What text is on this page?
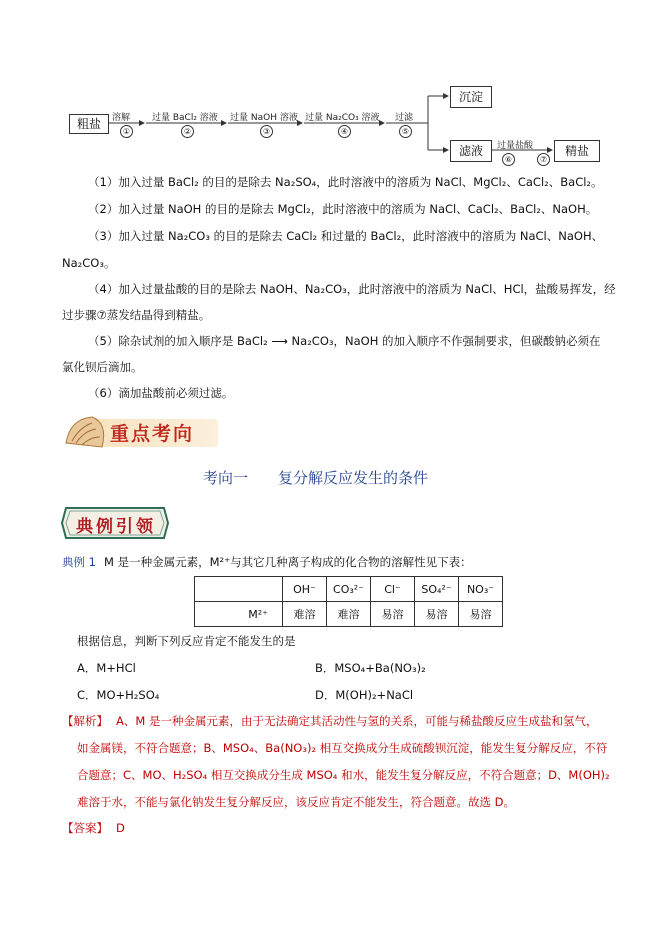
粗盐	溶解
①
过量 BaCl₂ 溶液
②
过量 NaOH 溶液
③
过量 Na₂CO₃ 溶液
④
过滤
⑤
沉淀
滤液	过量盐酸
⑥	⑦
精盐
（1）加入过量 BaCl₂ 的目的是除去 Na₂SO₄，此时溶液中的溶质为 NaCl、MgCl₂、CaCl₂、BaCl₂。
（2）加入过量 NaOH 的目的是除去 MgCl₂，此时溶液中的溶质为 NaCl、CaCl₂、BaCl₂、NaOH。
（3）加入过量 Na₂CO₃ 的目的是除去 CaCl₂ 和过量的 BaCl₂，此时溶液中的溶质为 NaCl、NaOH、
Na₂CO₃。
（4）加入过量盐酸的目的是除去 NaOH、Na₂CO₃，此时溶液中的溶质为 NaCl、HCl，盐酸易挥发，经
过步骤⑦蒸发结晶得到精盐。
（5）除杂试剂的加入顺序是 BaCl₂ ⟶ Na₂CO₃，NaOH 的加入顺序不作强制要求，但碳酸钠必须在
氯化钡后滴加。
（6）滴加盐酸前必须过滤。
重点考向
考向一　　复分解反应发生的条件
典例引领
典例 1 M 是一种金属元素，M²⁺与其它几种离子构成的化合物的溶解性见下表：
	OH⁻	CO₃²⁻	Cl⁻	SO₄²⁻	NO₃⁻
M²⁺	难溶	难溶	易溶	易溶	易溶
根据信息，判断下列反应肯定不能发生的是
A．M+HCl	B．MSO₄+Ba(NO₃)₂
C．MO+H₂SO₄	D．M(OH)₂+NaCl
【解析】 A、M 是一种金属元素，由于无法确定其活动性与氢的关系，可能与稀盐酸反应生成盐和氢气，
如金属镁，不符合题意；B、MSO₄、Ba(NO₃)₂ 相互交换成分生成硫酸钡沉淀，能发生复分解反应，不符
合题意；C、MO、H₂SO₄ 相互交换成分生成 MSO₄ 和水，能发生复分解反应，不符合题意；D、M(OH)₂
难溶于水，不能与氯化钠发生复分解反应，该反应肯定不能发生，符合题意。故选 D。
【答案】 D
